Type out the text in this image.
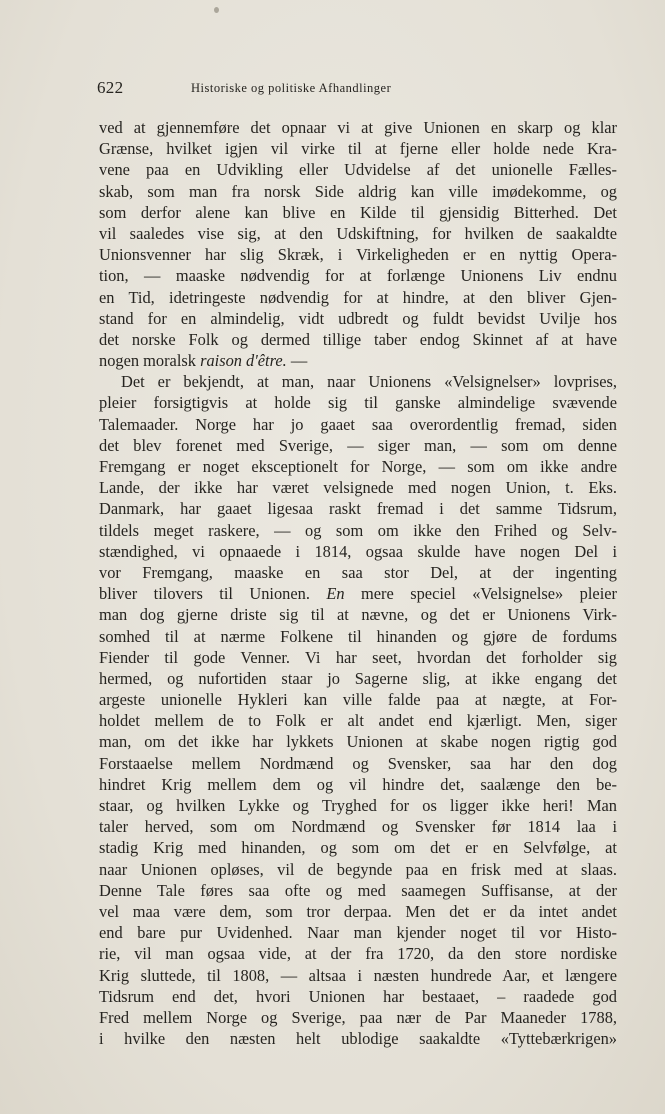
622	Historiske og politiske Afhandlinger
ved at gjennemføre det opnaar vi at give Unionen en skarp og klar
Grænse, hvilket igjen vil virke til at fjerne eller holde nede Kra-
vene paa en Udvikling eller Udvidelse af det unionelle Fælles-
skab, som man fra norsk Side aldrig kan ville imødekomme, og
som derfor alene kan blive en Kilde til gjensidig Bitterhed. Det
vil saaledes vise sig, at den Udskiftning, for hvilken de saakaldte
Unionsvenner har slig Skræk, i Virkeligheden er en nyttig Opera-
tion, — maaske nødvendig for at forlænge Unionens Liv endnu
en Tid, idetringeste nødvendig for at hindre, at den bliver Gjen-
stand for en almindelig, vidt udbredt og fuldt bevidst Uvilje hos
det norske Folk og dermed tillige taber endog Skinnet af at have
nogen moralsk raison d'être. —
Det er bekjendt, at man, naar Unionens «Velsignelser» lovprises,
pleier forsigtigvis at holde sig til ganske almindelige svævende
Talemaader. Norge har jo gaaet saa overordentlig fremad, siden
det blev forenet med Sverige, — siger man, — som om denne
Fremgang er noget eksceptionelt for Norge, — som om ikke andre
Lande, der ikke har været velsignede med nogen Union, t. Eks.
Danmark, har gaaet ligesaa raskt fremad i det samme Tidsrum,
tildels meget raskere, — og som om ikke den Frihed og Selv-
stændighed, vi opnaaede i 1814, ogsaa skulde have nogen Del i
vor Fremgang, maaske en saa stor Del, at der ingenting
bliver tilovers til Unionen. En mere speciel «Velsignelse» pleier
man dog gjerne driste sig til at nævne, og det er Unionens Virk-
somhed til at nærme Folkene til hinanden og gjøre de fordums
Fiender til gode Venner. Vi har seet, hvordan det forholder sig
hermed, og nufortiden staar jo Sagerne slig, at ikke engang det
argeste unionelle Hykleri kan ville falde paa at nægte, at For-
holdet mellem de to Folk er alt andet end kjærligt. Men, siger
man, om det ikke har lykkets Unionen at skabe nogen rigtig god
Forstaaelse mellem Nordmænd og Svensker, saa har den dog
hindret Krig mellem dem og vil hindre det, saalænge den be-
staar, og hvilken Lykke og Tryghed for os ligger ikke heri! Man
taler herved, som om Nordmænd og Svensker før 1814 laa i
stadig Krig med hinanden, og som om det er en Selvfølge, at
naar Unionen opløses, vil de begynde paa en frisk med at slaas.
Denne Tale føres saa ofte og med saamegen Suffisanse, at der
vel maa være dem, som tror derpaa. Men det er da intet andet
end bare pur Uvidenhed. Naar man kjender noget til vor Histo-
rie, vil man ogsaa vide, at der fra 1720, da den store nordiske
Krig sluttede, til 1808, — altsaa i næsten hundrede Aar, et længere
Tidsrum end det, hvori Unionen har bestaaet, – raadede god
Fred mellem Norge og Sverige, paa nær de Par Maaneder 1788,
i hvilke den næsten helt ublodige saakaldte «Tyttebærkrigen»
